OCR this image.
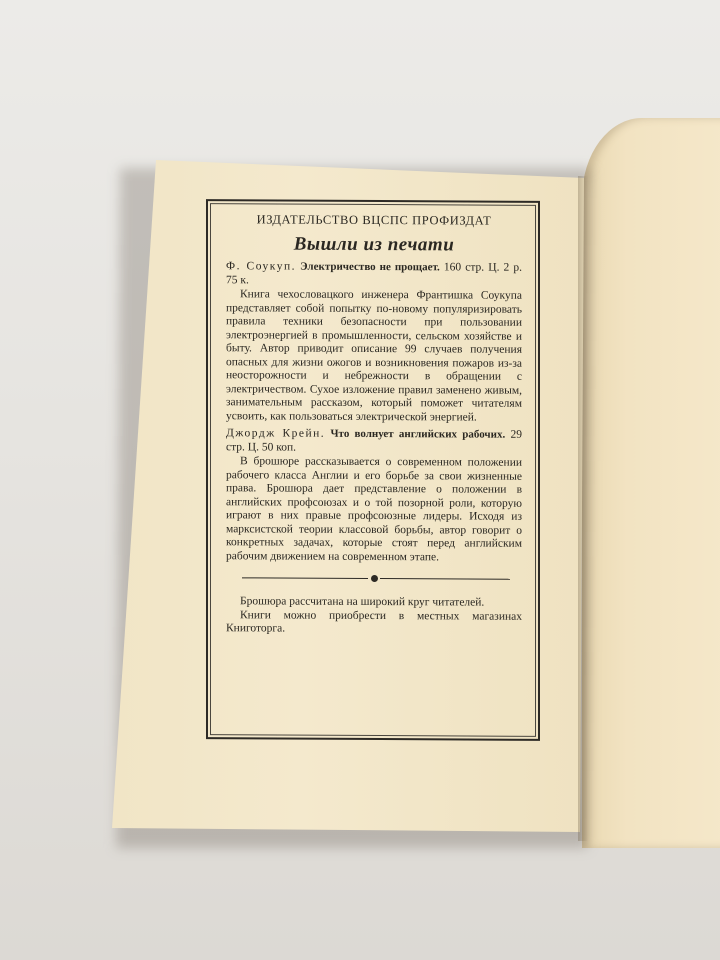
ИЗДАТЕЛЬСТВО ВЦСПС ПРОФИЗДАТ
Вышли из печати
Ф. Соукуп. Электричество не прощает. 160 стр. Ц. 2 р. 75 к.
Книга чехословацкого инженера Франтишка Соукупа представляет собой попытку по-новому популяризировать правила техники безопасности при пользовании электроэнергией в промышленности, сельском хозяйстве и быту. Автор приводит описание 99 случаев получения опасных для жизни ожогов и возникновения пожаров из-за неосторожности и небрежности в обращении с электричеством. Сухое изложение правил заменено живым, занимательным рассказом, который поможет читателям усвоить, как пользоваться электрической энергией.
Джордж Крейн. Что волнует английских рабочих. 29 стр. Ц. 50 коп.
В брошюре рассказывается о современном положении рабочего класса Англии и его борьбе за свои жизненные права. Брошюра дает представление о положении в английских профсоюзах и о той позорной роли, которую играют в них правые профсоюзные лидеры. Исходя из марксистской теории классовой борьбы, автор говорит о конкретных задачах, которые стоят перед английским рабочим движением на современном этапе.
Брошюра рассчитана на широкий круг читателей.
Книги можно приобрести в местных магазинах Книготорга.
